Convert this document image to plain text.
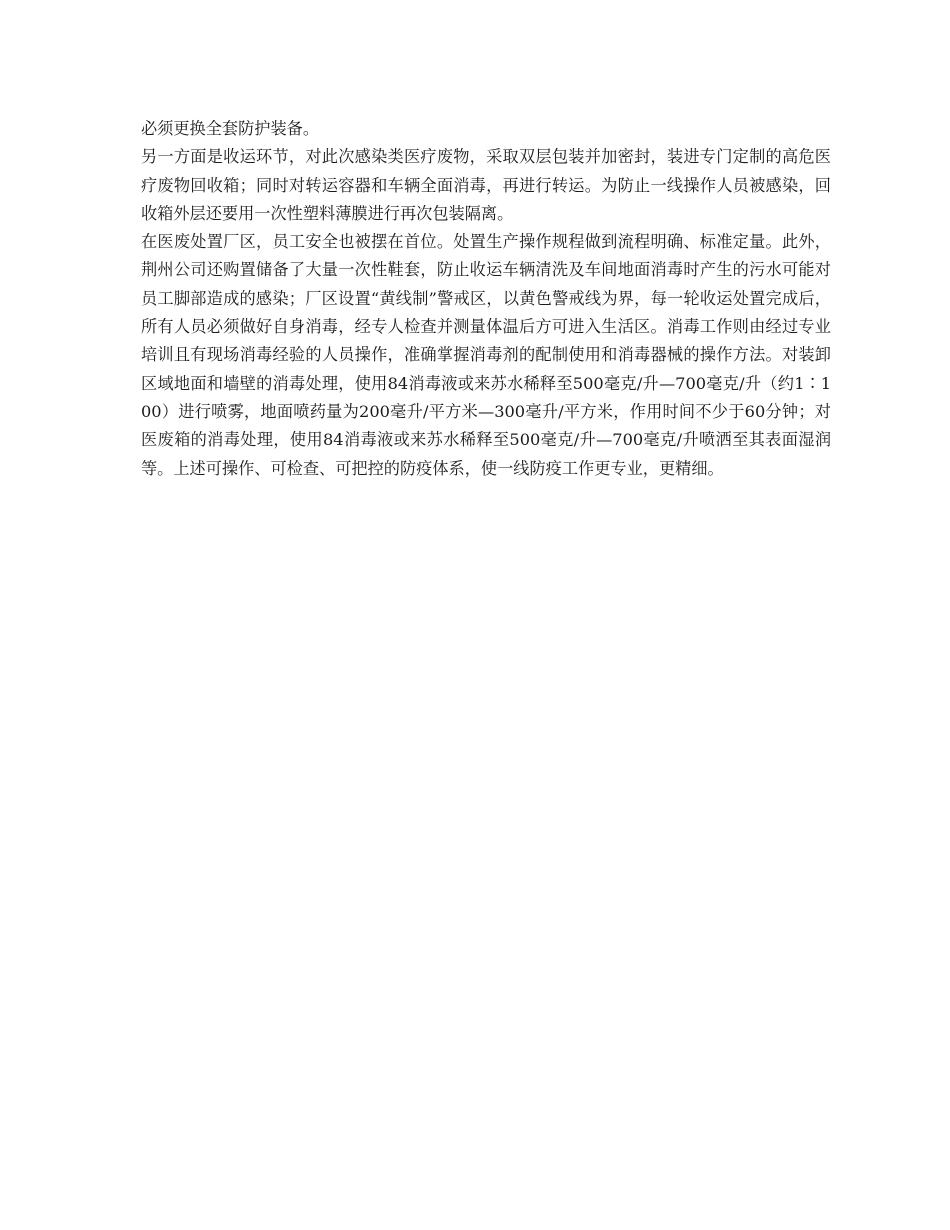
必须更换全套防护装备。

另一方面是收运环节，对此次感染类医疗废物，采取双层包装并加密封，装进专门定制的高危医疗废物回收箱；同时对转运容器和车辆全面消毒，再进行转运。为防止一线操作人员被感染，回收箱外层还要用一次性塑料薄膜进行再次包装隔离。

在医废处置厂区，员工安全也被摆在首位。处置生产操作规程做到流程明确、标准定量。此外，荆州公司还购置储备了大量一次性鞋套，防止收运车辆清洗及车间地面消毒时产生的污水可能对员工脚部造成的感染；厂区设置“黄线制”警戒区，以黄色警戒线为界，每一轮收运处置完成后，所有人员必须做好自身消毒，经专人检查并测量体温后方可进入生活区。消毒工作则由经过专业培训且有现场消毒经验的人员操作，准确掌握消毒剂的配制使用和消毒器械的操作方法。对装卸区域地面和墙壁的消毒处理，使用84消毒液或来苏水稀释至500毫克/升—700毫克/升（约1∶100）进行喷雾，地面喷药量为200毫升/平方米—300毫升/平方米，作用时间不少于60分钟；对医废箱的消毒处理，使用84消毒液或来苏水稀释至500毫克/升—700毫克/升喷洒至其表面湿润等。上述可操作、可检查、可把控的防疫体系，使一线防疫工作更专业，更精细。
